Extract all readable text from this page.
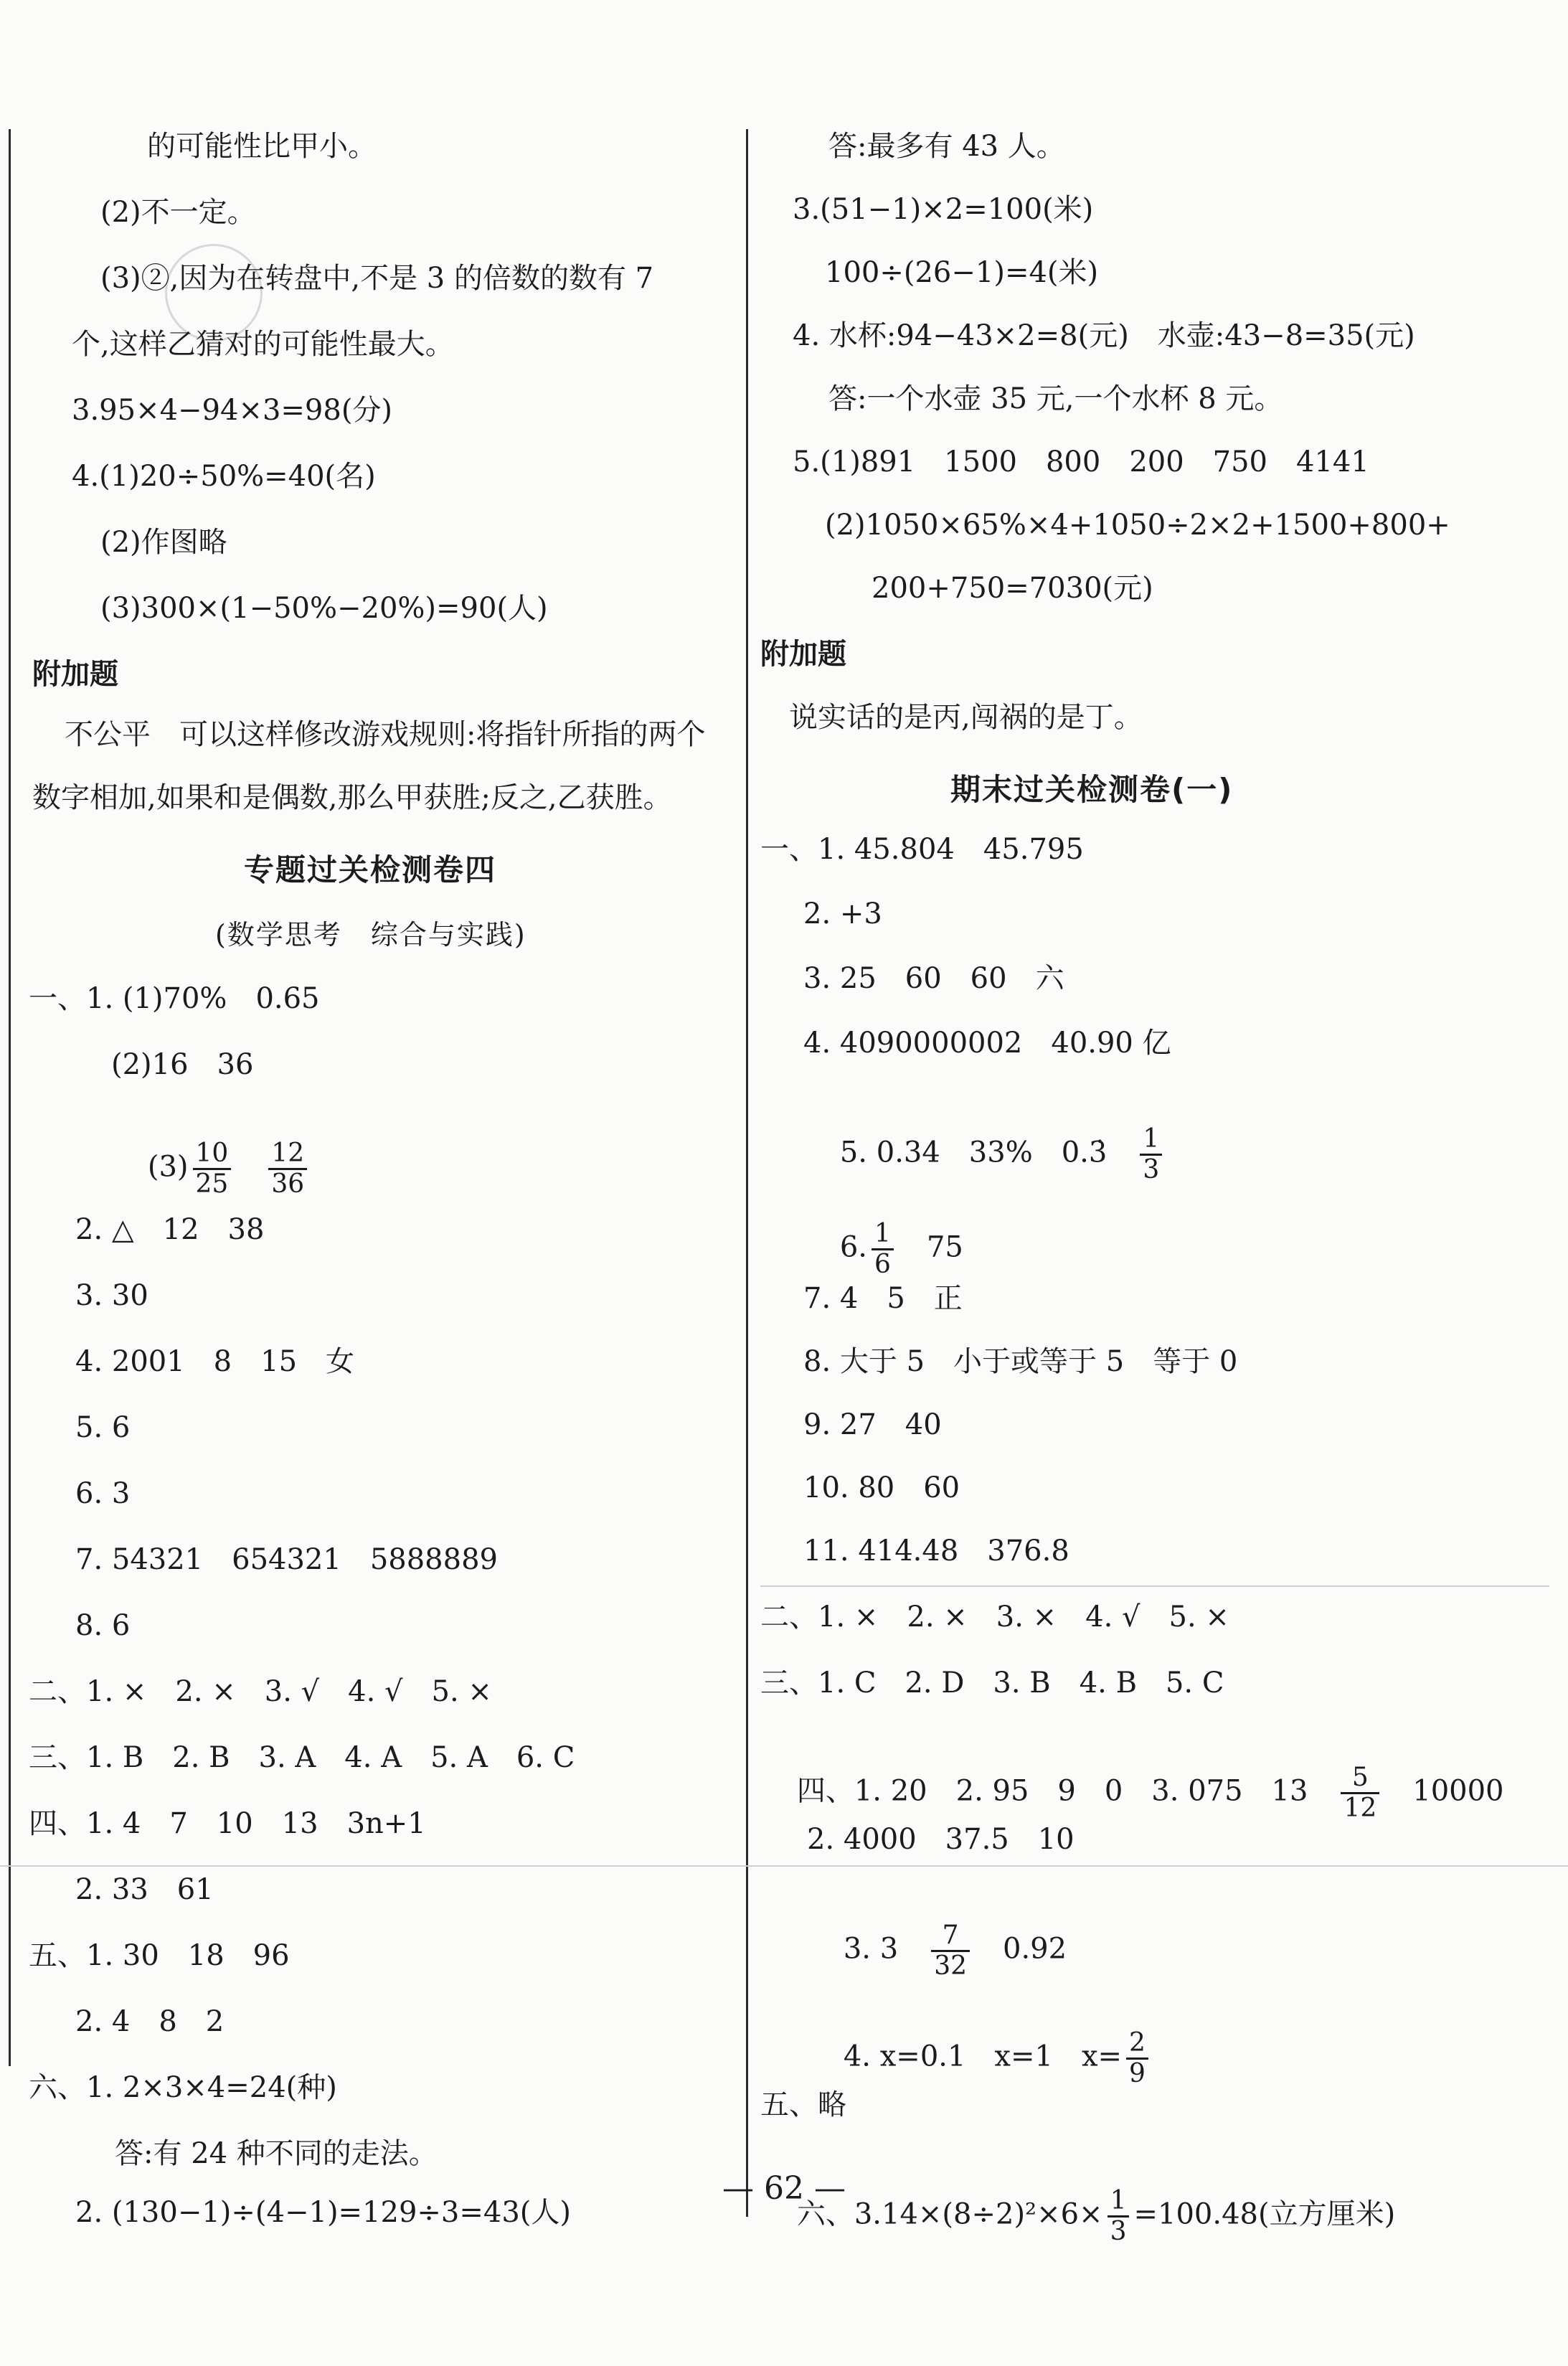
的可能性比甲小。
(2)不一定。
(3)②,因为在转盘中,不是 3 的倍数的数有 7
个,这样乙猜对的可能性最大。
3.95×4−94×3=98(分)
4.(1)20÷50%=40(名)
(2)作图略
(3)300×(1−50%−20%)=90(人)
附加题
不公平　可以这样修改游戏规则:将指针所指的两个
数字相加,如果和是偶数,那么甲获胜;反之,乙获胜。
专题过关检测卷四
(数学思考　综合与实践)
一、1. (1)70%　0.65
(2)16　36

$(3) \frac{10}{25}$
　 $\frac{12}{36}$

2. △　12　38
3. 30
4. 2001　8　15　女
5. 6
6. 3
7. 54321　654321　5888889
8. 6
二、1. ×　2. ×　3. √　4. √　5. ×
三、1. B　2. B　3. A　4. A　5. A　6. C
四、1. 4　7　10　13　3n+1
2. 33　61
五、1. 30　18　96
2. 4　8　2
六、1. 2×3×4=24(种)
答:有 24 种不同的走法。
2. (130−1)÷(4−1)=129÷3=43(人)
答:最多有 43 人。
3.(51−1)×2=100(米)
100÷(26−1)=4(米)
4. 水杯:94−43×2=8(元)　水壶:43−8=35(元)
答:一个水壶 35 元,一个水杯 8 元。
5.(1)891　1500　800　200　750　4141
(2)1050×65%×4+1050÷2×2+1500+800+
200+750=7030(元)
附加题
说实话的是丙,闯祸的是丁。
期末过关检测卷(一)
一、1. 45.804　45.795
2. +3
3. 25　60　60　六
4. 4090000002　40.90 亿

5. 0.34　33%　0.3̇　 $\frac{1}{3}$

6. $\frac{1}{6}$
　 75

7. 4　5　正
8. 大于 5　小于或等于 5　等于 0
9. 27　40
10. 80　60
11. 414.48　376.8
二、1. ×　2. ×　3. ×　4. √　5. ×
三、1. C　2. D　3. B　4. B　5. C

四、1. 20　2. 95　9　0　3. 075　13　 $\frac{5}{12}$
　 10000

2. 4000　37.5　10

3. 3　 $\frac{7}{32}$
　 0.92

4. x=0.1　x=1　$x= \frac{2}{9}$

五、略

六、$3.14\times(8\div 2)^2\times 6\times \frac{1}{3} =100.48$(立方厘米)

— 62 —
